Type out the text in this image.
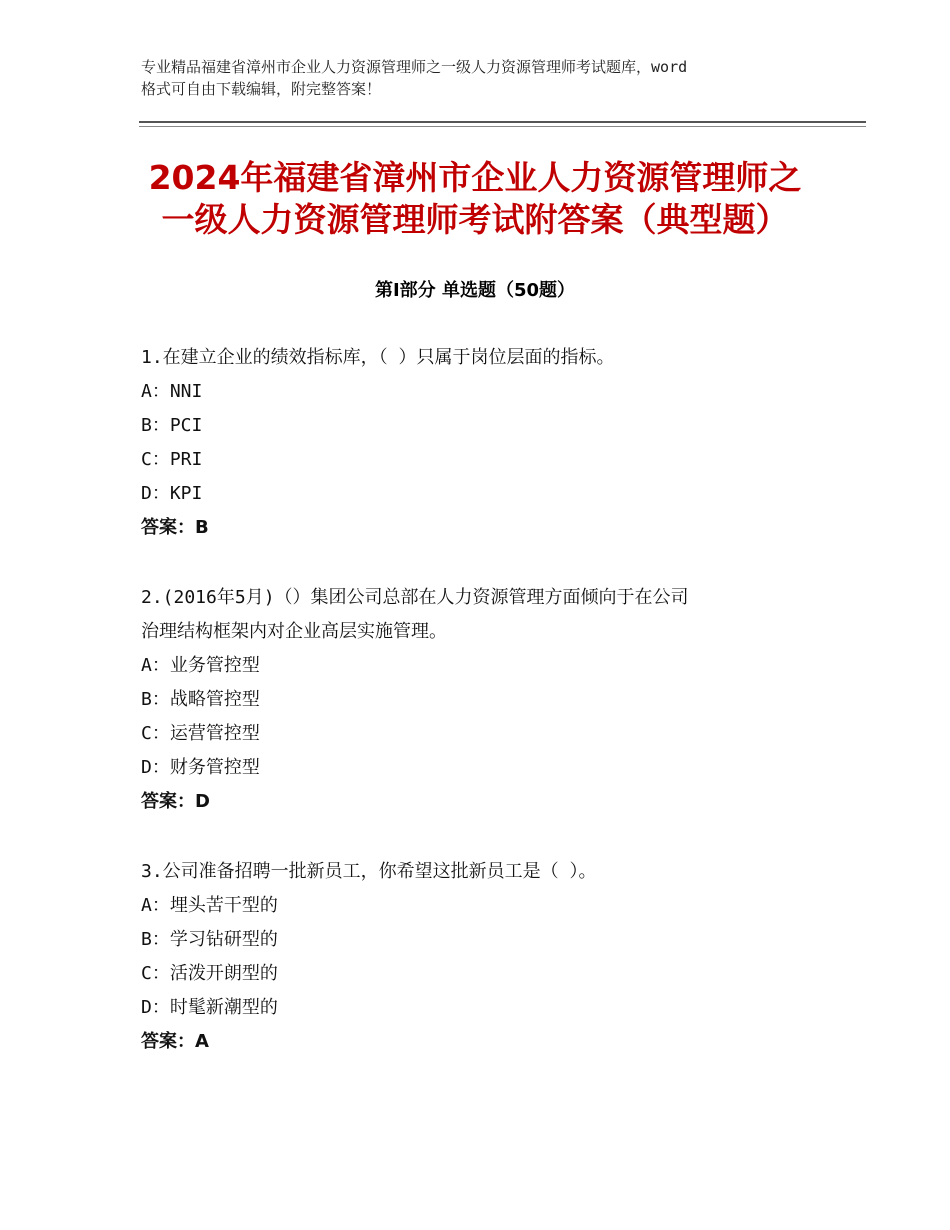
专业精品福建省漳州市企业人力资源管理师之一级人力资源管理师考试题库，word
格式可自由下载编辑，附完整答案！
2024年福建省漳州市企业人力资源管理师之
一级人力资源管理师考试附答案（典型题）
第Ⅰ部分 单选题（50题）

1.在建立企业的绩效指标库，（ ）只属于岗位层面的指标。

A：NNI

B：PCI

C：PRI

D：KPI

答案：B

2.(2016年5月)（）集团公司总部在人力资源管理方面倾向于在公司

治理结构框架内对企业高层实施管理。

A：业务管控型

B：战略管控型

C：运营管控型

D：财务管控型

答案：D

3.公司准备招聘一批新员工，你希望这批新员工是（ ）。

A：埋头苦干型的

B：学习钻研型的

C：活泼开朗型的

D：时髦新潮型的

答案：A
